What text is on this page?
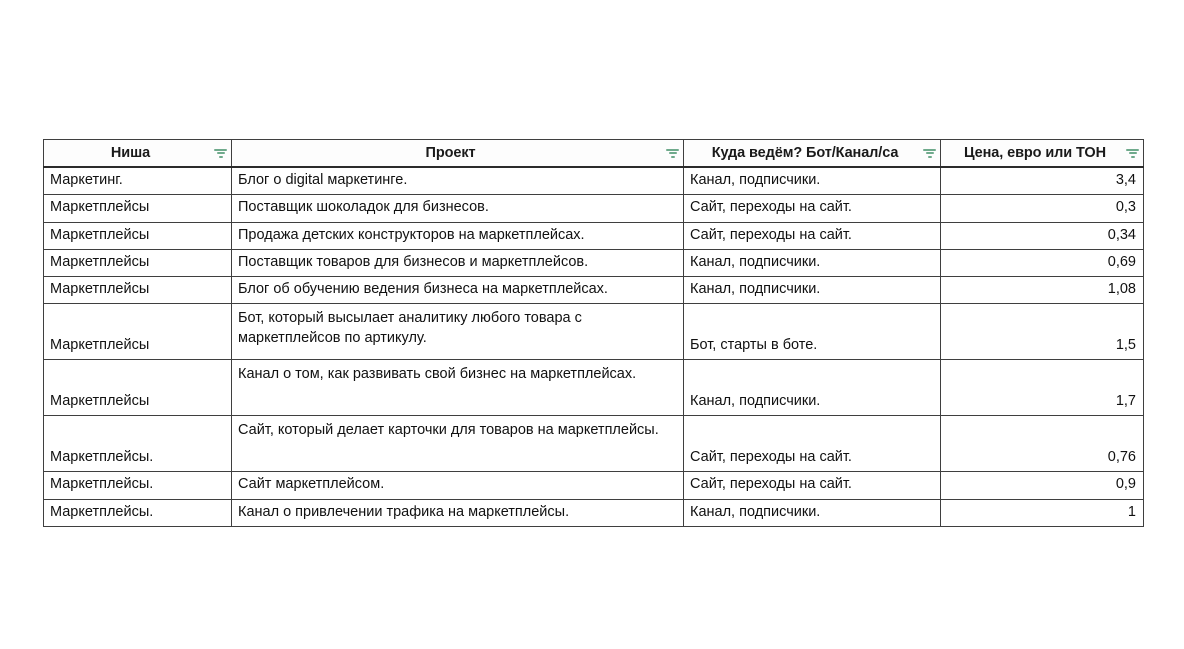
Ниша	Проект	Куда ведём? Бот/Канал/са	Цена, евро или ТОН

Маркетинг.	Блог о digital маркетинге.	Канал, подписчики.	3,4
Маркетплейсы	Поставщик шоколадок для бизнесов.	Сайт, переходы на сайт.	0,3
Маркетплейсы	Продажа детских конструкторов на маркетплейсах.	Сайт, переходы на сайт.	0,34
Маркетплейсы	Поставщик товаров для бизнесов и маркетплейсов.	Канал, подписчики.	0,69
Маркетплейсы	Блог об обучению ведения бизнеса на маркетплейсах.	Канал, подписчики.	1,08
Маркетплейсы	Бот, который высылает аналитику любого товара с маркетплейсов по артикулу.	Бот, старты в боте.	1,5
Маркетплейсы	Канал о том, как развивать свой бизнес на маркетплейсах.	Канал, подписчики.	1,7
Маркетплейсы.	Сайт, который делает карточки для товаров на маркетплейсы.	Сайт, переходы на сайт.	0,76
Маркетплейсы.	Сайт маркетплейсом.	Сайт, переходы на сайт.	0,9
Маркетплейсы.	Канал о привлечении трафика на маркетплейсы.	Канал, подписчики.	1
